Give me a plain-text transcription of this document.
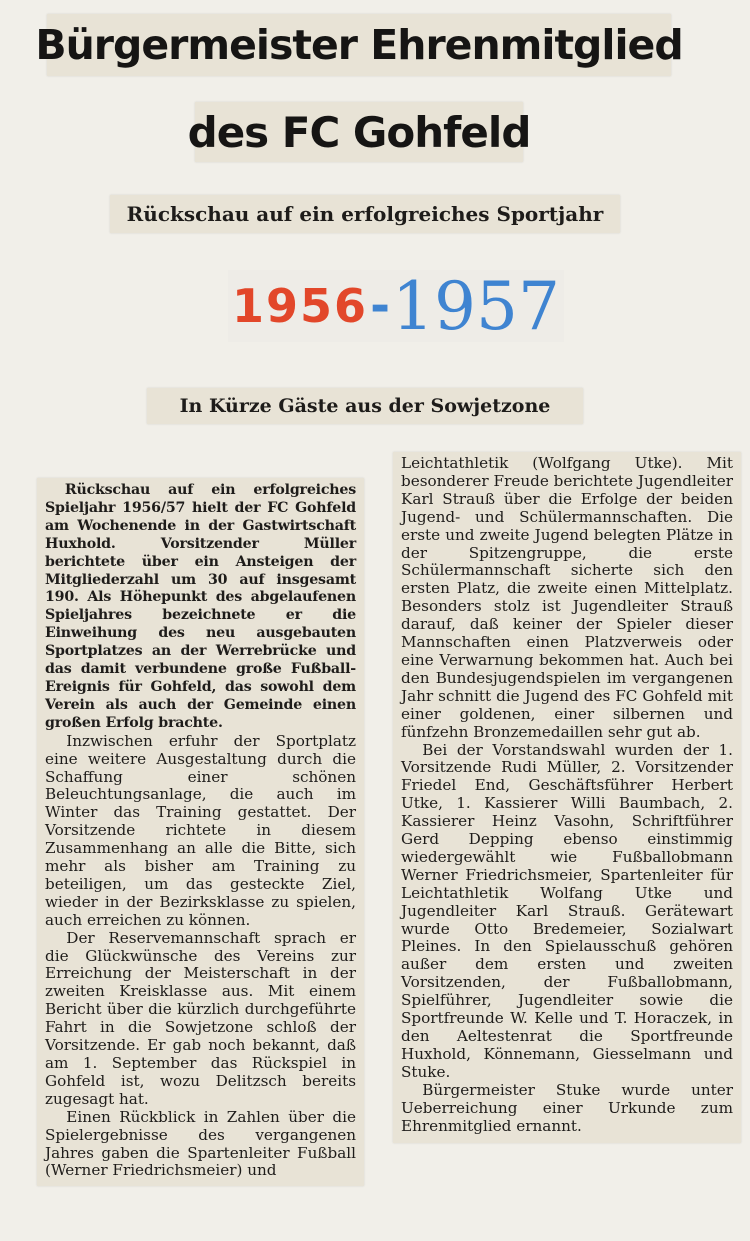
Bürgermeister Ehrenmitglied
des FC Gohfeld
Rückschau auf ein erfolgreiches Sportjahr
1956 - 1957
In Kürze Gäste aus der Sowjetzone

Rückschau auf ein erfolgreiches Spieljahr 1956/57 hielt der FC Gohfeld am Wochenende in der Gastwirtschaft Huxhold. Vorsitzender Müller berichtete über ein Ansteigen der Mitgliederzahl um 30 auf insgesamt 190. Als Höhepunkt des abgelaufenen Spieljahres bezeichnete er die Einweihung des neu ausgebauten Sportplatzes an der Werrebrücke und das damit verbundene große Fußball-Ereignis für Gohfeld, das sowohl dem Verein als auch der Gemeinde einen großen Erfolg brachte.

Inzwischen erfuhr der Sportplatz eine weitere Ausgestaltung durch die Schaffung einer schönen Beleuchtungsanlage, die auch im Winter das Training gestattet. Der Vorsitzende richtete in diesem Zusammenhang an alle die Bitte, sich mehr als bisher am Training zu beteiligen, um das gesteckte Ziel, wieder in der Bezirksklasse zu spielen, auch erreichen zu können.

Der Reservemannschaft sprach er die Glückwünsche des Vereins zur Erreichung der Meisterschaft in der zweiten Kreisklasse aus. Mit einem Bericht über die kürzlich durchgeführte Fahrt in die Sowjetzone schloß der Vorsitzende. Er gab noch bekannt, daß am 1. September das Rückspiel in Gohfeld ist, wozu Delitzsch bereits zugesagt hat.

Einen Rückblick in Zahlen über die Spielergebnisse des vergangenen Jahres gaben die Spartenleiter Fußball (Werner Friedrichsmeier) und

Leichtathletik (Wolfgang Utke). Mit besonderer Freude berichtete Jugendleiter Karl Strauß über die Erfolge der beiden Jugend- und Schülermannschaften. Die erste und zweite Jugend belegten Plätze in der Spitzengruppe, die erste Schülermannschaft sicherte sich den ersten Platz, die zweite einen Mittelplatz. Besonders stolz ist Jugendleiter Strauß darauf, daß keiner der Spieler dieser Mannschaften einen Platzverweis oder eine Verwarnung bekommen hat. Auch bei den Bundesjugendspielen im vergangenen Jahr schnitt die Jugend des FC Gohfeld mit einer goldenen, einer silbernen und fünfzehn Bronzemedaillen sehr gut ab.

Bei der Vorstandswahl wurden der 1. Vorsitzende Rudi Müller, 2. Vorsitzender Friedel End, Geschäftsführer Herbert Utke, 1. Kassierer Willi Baumbach, 2. Kassierer Heinz Vasohn, Schriftführer Gerd Depping ebenso einstimmig wiedergewählt wie Fußballobmann Werner Friedrichsmeier, Spartenleiter für Leichtathletik Wolfang Utke und Jugendleiter Karl Strauß. Gerätewart wurde Otto Bredemeier, Sozialwart Pleines. In den Spielausschuß gehören außer dem ersten und zweiten Vorsitzenden, der Fußballobmann, Spielführer, Jugendleiter sowie die Sportfreunde W. Kelle und T. Horaczek, in den Aeltestenrat die Sportfreunde Huxhold, Könnemann, Giesselmann und Stuke.

Bürgermeister Stuke wurde unter Ueberreichung einer Urkunde zum Ehrenmitglied ernannt.
